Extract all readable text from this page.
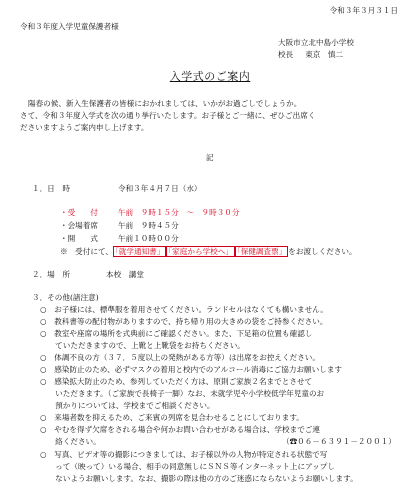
令和３年３月３１日
令和３年度入学児童保護者様
大阪市立北中島小学校
校長 東京　慎二
入学式のご案内
陽春の候、新入生保護者の皆様におかれましては、いかがお過ごしでしょうか。
さて、令和３年度入学式を次の通り挙行いたします。お子様とご一緒に、ぜひご出席く
ださいますようご案内申し上げます。
記
１．日　時	令和３年４月７日（水）
・受　　付	午前　９時１５分　～　９時３０分
・会場着席	午前　９時４５分
・開　　式	午前１０時００分
※　受付にて、 「就学通知書」 「家庭から学校へ」 「保健調査票」 をお渡しください。
２．場　所	本校　講堂
３．その他(諸注意)
○　お子様には、標準服を着用させてください。ランドセルはなくても構いません。
○　教科書等の配付物がありますので、持ち帰り用の大きめの袋をご持参ください。
○　教室や座席の場所を式典前にご確認ください。また、下足箱の位置も確認し
　　ていただきますので、上靴と上靴袋をお持ちください。
○　体調不良の方（３７．５度以上の発熱がある方等）は出席をお控えください。
○　感染防止のため、必ずマスクの着用と校内でのアルコール消毒にご協力お願いします
○　感染拡大防止のため、参列していただく方は、原則ご家族２名までとさせて
　　いただきます。（ご家族で長椅子一脚）なお、未就学児や小学校低学年児童のお
　　預かりについては、学校までご相談ください。
○　来場者数を抑えるため、ご来賓の列席を見合わせることにしております。
○　やむを得ず欠席をされる場合や何かお問い合わせがある場合は、学校までご連
　　絡ください。	（☎０６－６３９１－２００１）
○　写真、ビデオ等の撮影につきましては、お子様以外の人物が特定される状態で写
　　って（映って）いる場合、相手の同意無しにＳＮＳ等インターネット上にアップし
　　ないようお願いします。なお、撮影の際は他の方のご迷惑にならないようお願いします。
